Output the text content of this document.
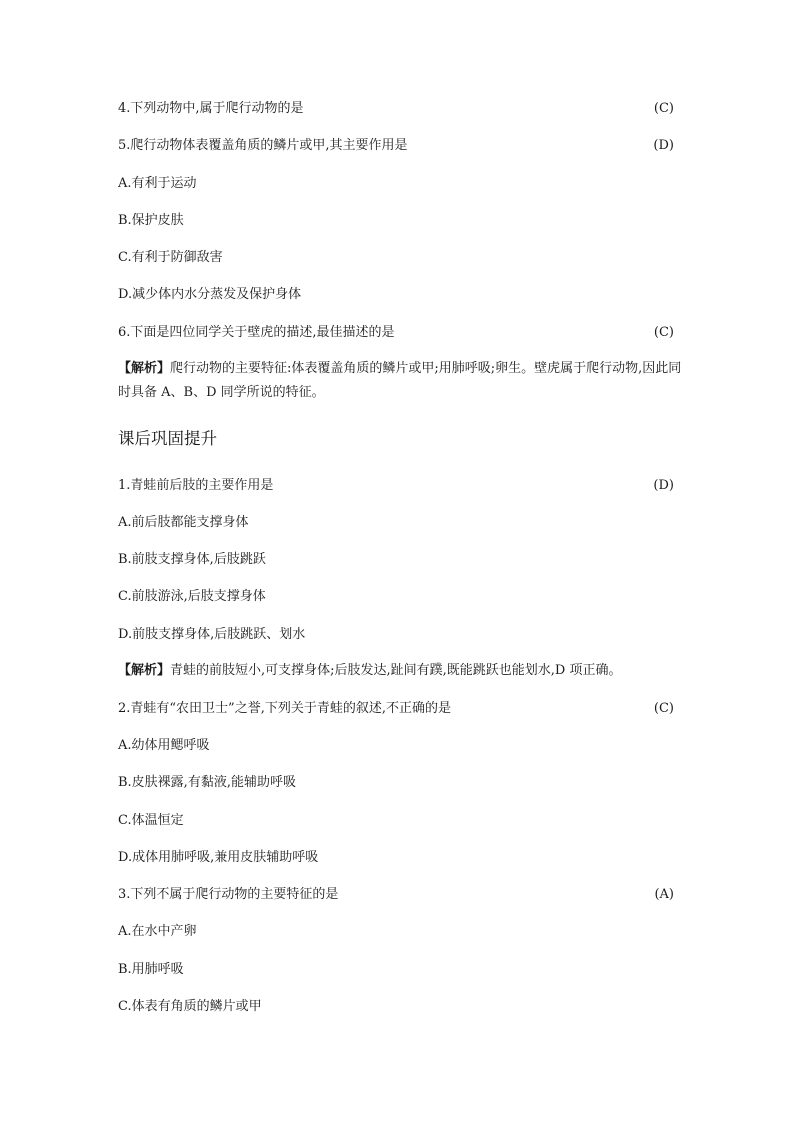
4.下列动物中,属于爬行动物的是	(C)
5.爬行动物体表覆盖角质的鳞片或甲,其主要作用是	(D)
A.有利于运动
B.保护皮肤
C.有利于防御敌害
D.减少体内水分蒸发及保护身体
6.下面是四位同学关于壁虎的描述,最佳描述的是	(C)
【解析】爬行动物的主要特征:体表覆盖角质的鳞片或甲;用肺呼吸;卵生。壁虎属于爬行动物,因此同时具备 A、B、D 同学所说的特征。
课后巩固提升
1.青蛙前后肢的主要作用是	(D)
A.前后肢都能支撑身体
B.前肢支撑身体,后肢跳跃
C.前肢游泳,后肢支撑身体
D.前肢支撑身体,后肢跳跃、划水
【解析】青蛙的前肢短小,可支撑身体;后肢发达,趾间有蹼,既能跳跃也能划水,D 项正确。
2.青蛙有“农田卫士”之誉,下列关于青蛙的叙述,不正确的是	(C)
A.幼体用鳃呼吸
B.皮肤裸露,有黏液,能辅助呼吸
C.体温恒定
D.成体用肺呼吸,兼用皮肤辅助呼吸
3.下列不属于爬行动物的主要特征的是	(A)
A.在水中产卵
B.用肺呼吸
C.体表有角质的鳞片或甲
